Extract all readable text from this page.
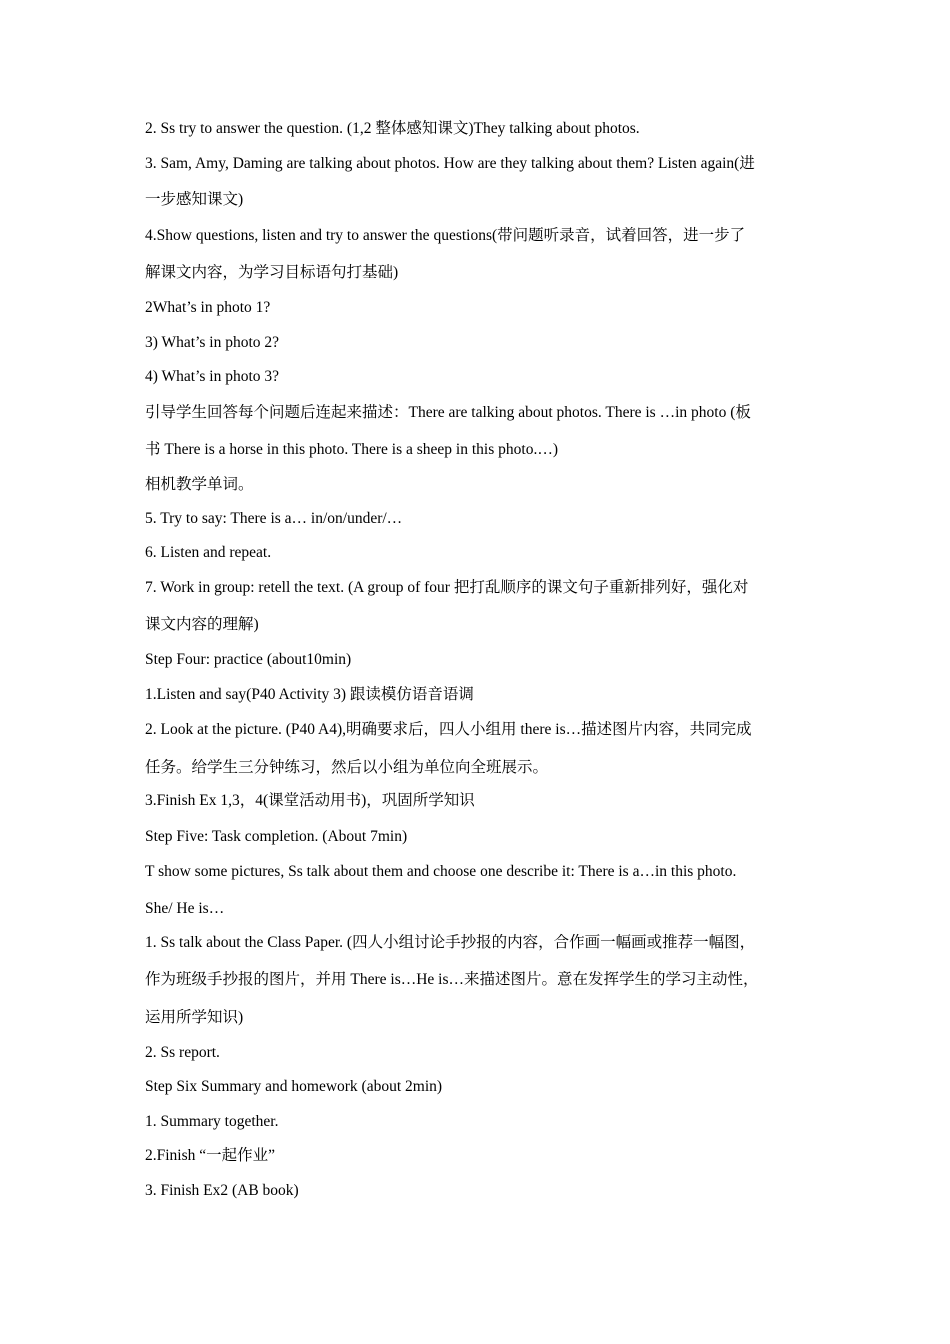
2. Ss try to answer the question. (1,2 整体感知课文)They talking about photos.
3. Sam, Amy, Daming are talking about photos. How are they talking about them? Listen again(进
一步感知课文)
4.Show questions, listen and try to answer the questions(带问题听录音，试着回答，进一步了
解课文内容，为学习目标语句打基础)
2What’s in photo 1?
3) What’s in photo 2?
4) What’s in photo 3?
引导学生回答每个问题后连起来描述：There are talking about photos. There is …in photo (板
书 There is a horse in this photo. There is a sheep in this photo.…)
相机教学单词。
5. Try to say: There is a… in/on/under/…
6. Listen and repeat.
7. Work in group: retell the text. (A group of four 把打乱顺序的课文句子重新排列好，强化对
课文内容的理解)
Step Four: practice (about10min)
1.Listen and say(P40 Activity 3) 跟读模仿语音语调
2. Look at the picture. (P40 A4),明确要求后，四人小组用 there is…描述图片内容，共同完成
任务。给学生三分钟练习，然后以小组为单位向全班展示。
3.Finish Ex 1,3，4(课堂活动用书)，巩固所学知识
Step Five: Task completion. (About 7min)
T show some pictures, Ss talk about them and choose one describe it: There is a…in this photo.
She/ He is…
1. Ss talk about the Class Paper. (四人小组讨论手抄报的内容，合作画一幅画或推荐一幅图，
作为班级手抄报的图片，并用 There is…He is…来描述图片。意在发挥学生的学习主动性，
运用所学知识)
2. Ss report.
Step Six Summary and homework (about 2min)
1. Summary together.
2.Finish “一起作业”
3. Finish Ex2 (AB book)
